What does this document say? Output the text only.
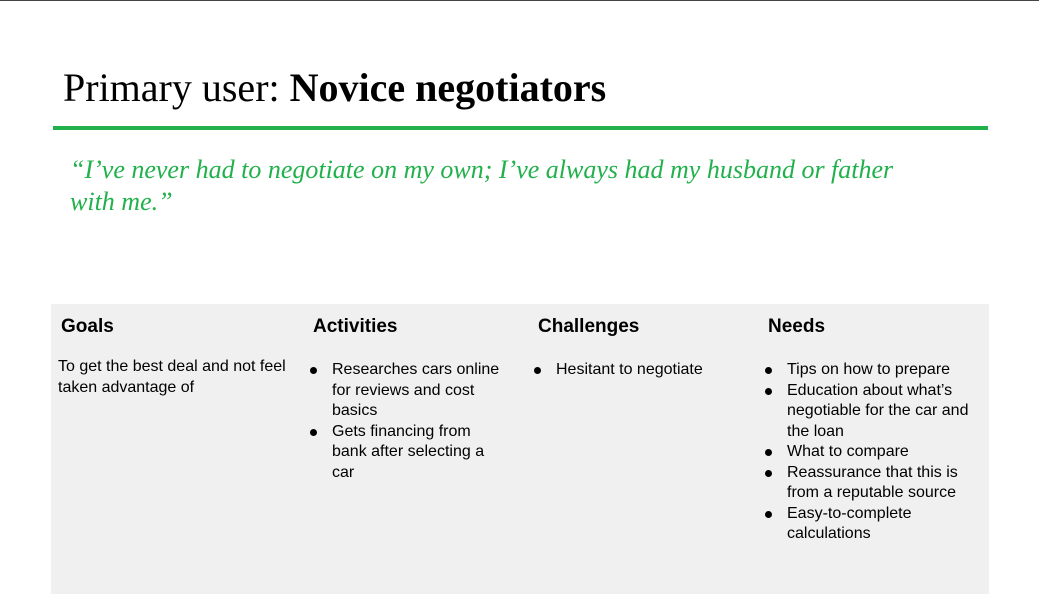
Primary user: Novice negotiators

“I’ve never had to negotiate on my own; I’ve always had my husband or father with me.”

Goals

To get the best deal and not feel taken advantage of

Activities
Researches cars online for reviews and cost basics
Gets financing from bank after selecting a car
Challenges
Hesitant to negotiate
Needs
Tips on how to prepare
Education about what’s negotiable for the car and the loan
What to compare
Reassurance that this is from a reputable source
Easy-to-complete calculations
